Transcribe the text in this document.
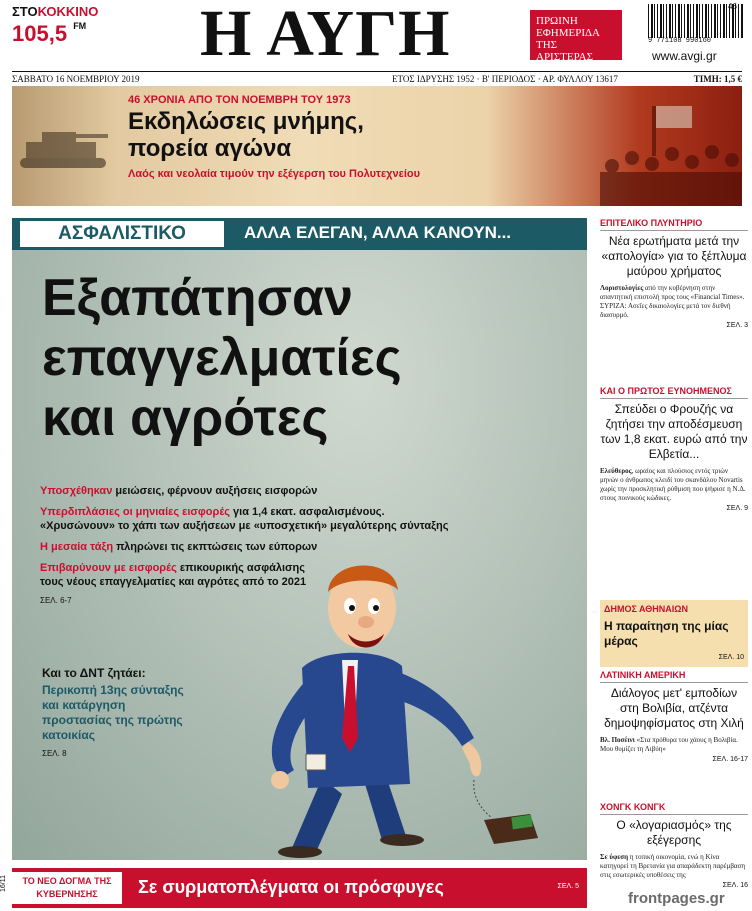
ΣΤΟΚΟΚΚΙΝΟ
105,5 $^{FM}$	Η ΑΥΓΗ	ΠΡΩΙΝΗ ΕΦΗΜΕΡΙΔΑ ΤΗΣ ΑΡΙΣΤΕΡΑΣ
9 771108 990160
46
www.avgi.gr
ΣΑΒΒΑΤΟ 16 ΝΟΕΜΒΡΙΟΥ 2019	ΕΤΟΣ ΙΔΡΥΣΗΣ 1952 · Β' ΠΕΡΙΟΔΟΣ · ΑΡ. ΦΥΛΛΟΥ 13617	ΤΙΜΗ: 1,5 €
46 ΧΡΟΝΙΑ ΑΠΟ ΤΟΝ ΝΟΕΜΒΡΗ ΤΟΥ 1973
Εκδηλώσεις μνήμης,
πορεία αγώνα
Λαός και νεολαία τιμούν την εξέγερση του Πολυτεχνείου
ΑΣΦΑΛΙΣΤΙΚΟ	ΑΛΛΑ ΕΛΕΓΑΝ, ΑΛΛΑ ΚΑΝΟΥΝ...
Εξαπάτησαν
επαγγελματίες
και αγρότες
Υποσχέθηκαν μειώσεις, φέρνουν αυξήσεις εισφορών
Υπερδιπλάσιες οι μηνιαίες εισφορές για 1,4 εκατ. ασφαλισμένους. «Χρυσώνουν» το χάπι των αυξήσεων με «υποσχετική» μεγαλύτερης σύνταξης
Η μεσαία τάξη πληρώνει τις εκπτώσεις των εύπορων
Επιβαρύνουν με εισφορές επικουρικής ασφάλισης τους νέους επαγγελματίες και αγρότες από το 2021
ΣΕΛ. 6-7
Και το ΔΝΤ ζητάει:
Περικοπή 13ης σύνταξης και κατάργηση προστασίας της πρώτης κατοικίας
ΣΕΛ. 8
ΕΠΙΤΕΛΙΚΟ ΠΛΥΝΤΗΡΙΟ
Νέα ερωτήματα μετά την «απολογία» για το ξέπλυμα μαύρου χρήματος
Λοριστολογίες από την κυβέρνηση στην απαντητική επιστολή προς τους «Financial Times». ΣΥΡΙΖΑ: Ασεΐες δικαιολογίες μετά τον διεθνή διασυρμό.
ΣΕΛ. 3
ΚΑΙ Ο ΠΡΩΤΟΣ ΕΥΝΟΗΜΕΝΟΣ
Σπεύδει ο Φρουζής να ζητήσει την αποδέσμευση των 1,8 εκατ. ευρώ από την Ελβετία...
Ελεύθερος, ωραίος και πλούσιος εντός τριών μηνών ο άνθρωπος κλειδί του σκανδάλου Novartis χωρίς την προσκλητική ρύθμιση που ψήφισε η Ν.Δ. στους ποινικούς κώδικες.
ΣΕΛ. 9
ΔΗΜΟΣ ΑΘΗΝΑΙΩΝ
Η παραίτηση της μίας μέρας
ΣΕΛ. 10
ΛΑΤΙΝΙΚΗ ΑΜΕΡΙΚΗ
Διάλογος μετ' εμποδίων στη Βολιβία, ατζέντα δημοψηφίσματος στη Χιλή
Βλ. Ποσέινι «Στα πρόθυρα του χάους η Βολιβία. Μου θυμίζει τη Λιβύη»
ΣΕΛ. 16-17
ΧΟΝΓΚ ΚΟΝΓΚ
Ο «λογαριασμός» της εξέγερσης
Σε ύφεση η τοπική οικονομία, ενώ η Κίνα κατηγορεί τη Βρετανία για απαράδεκτη παρέμβαση στις εσωτερικές υποθέσεις της
ΣΕΛ. 16
ΤΟ ΝΕΟ ΔΟΓΜΑ ΤΗΣ ΚΥΒΕΡΝΗΣΗΣ	Σε συρματοπλέγματα οι πρόσφυγες	ΣΕΛ. 5
16/11
frontpages.gr
